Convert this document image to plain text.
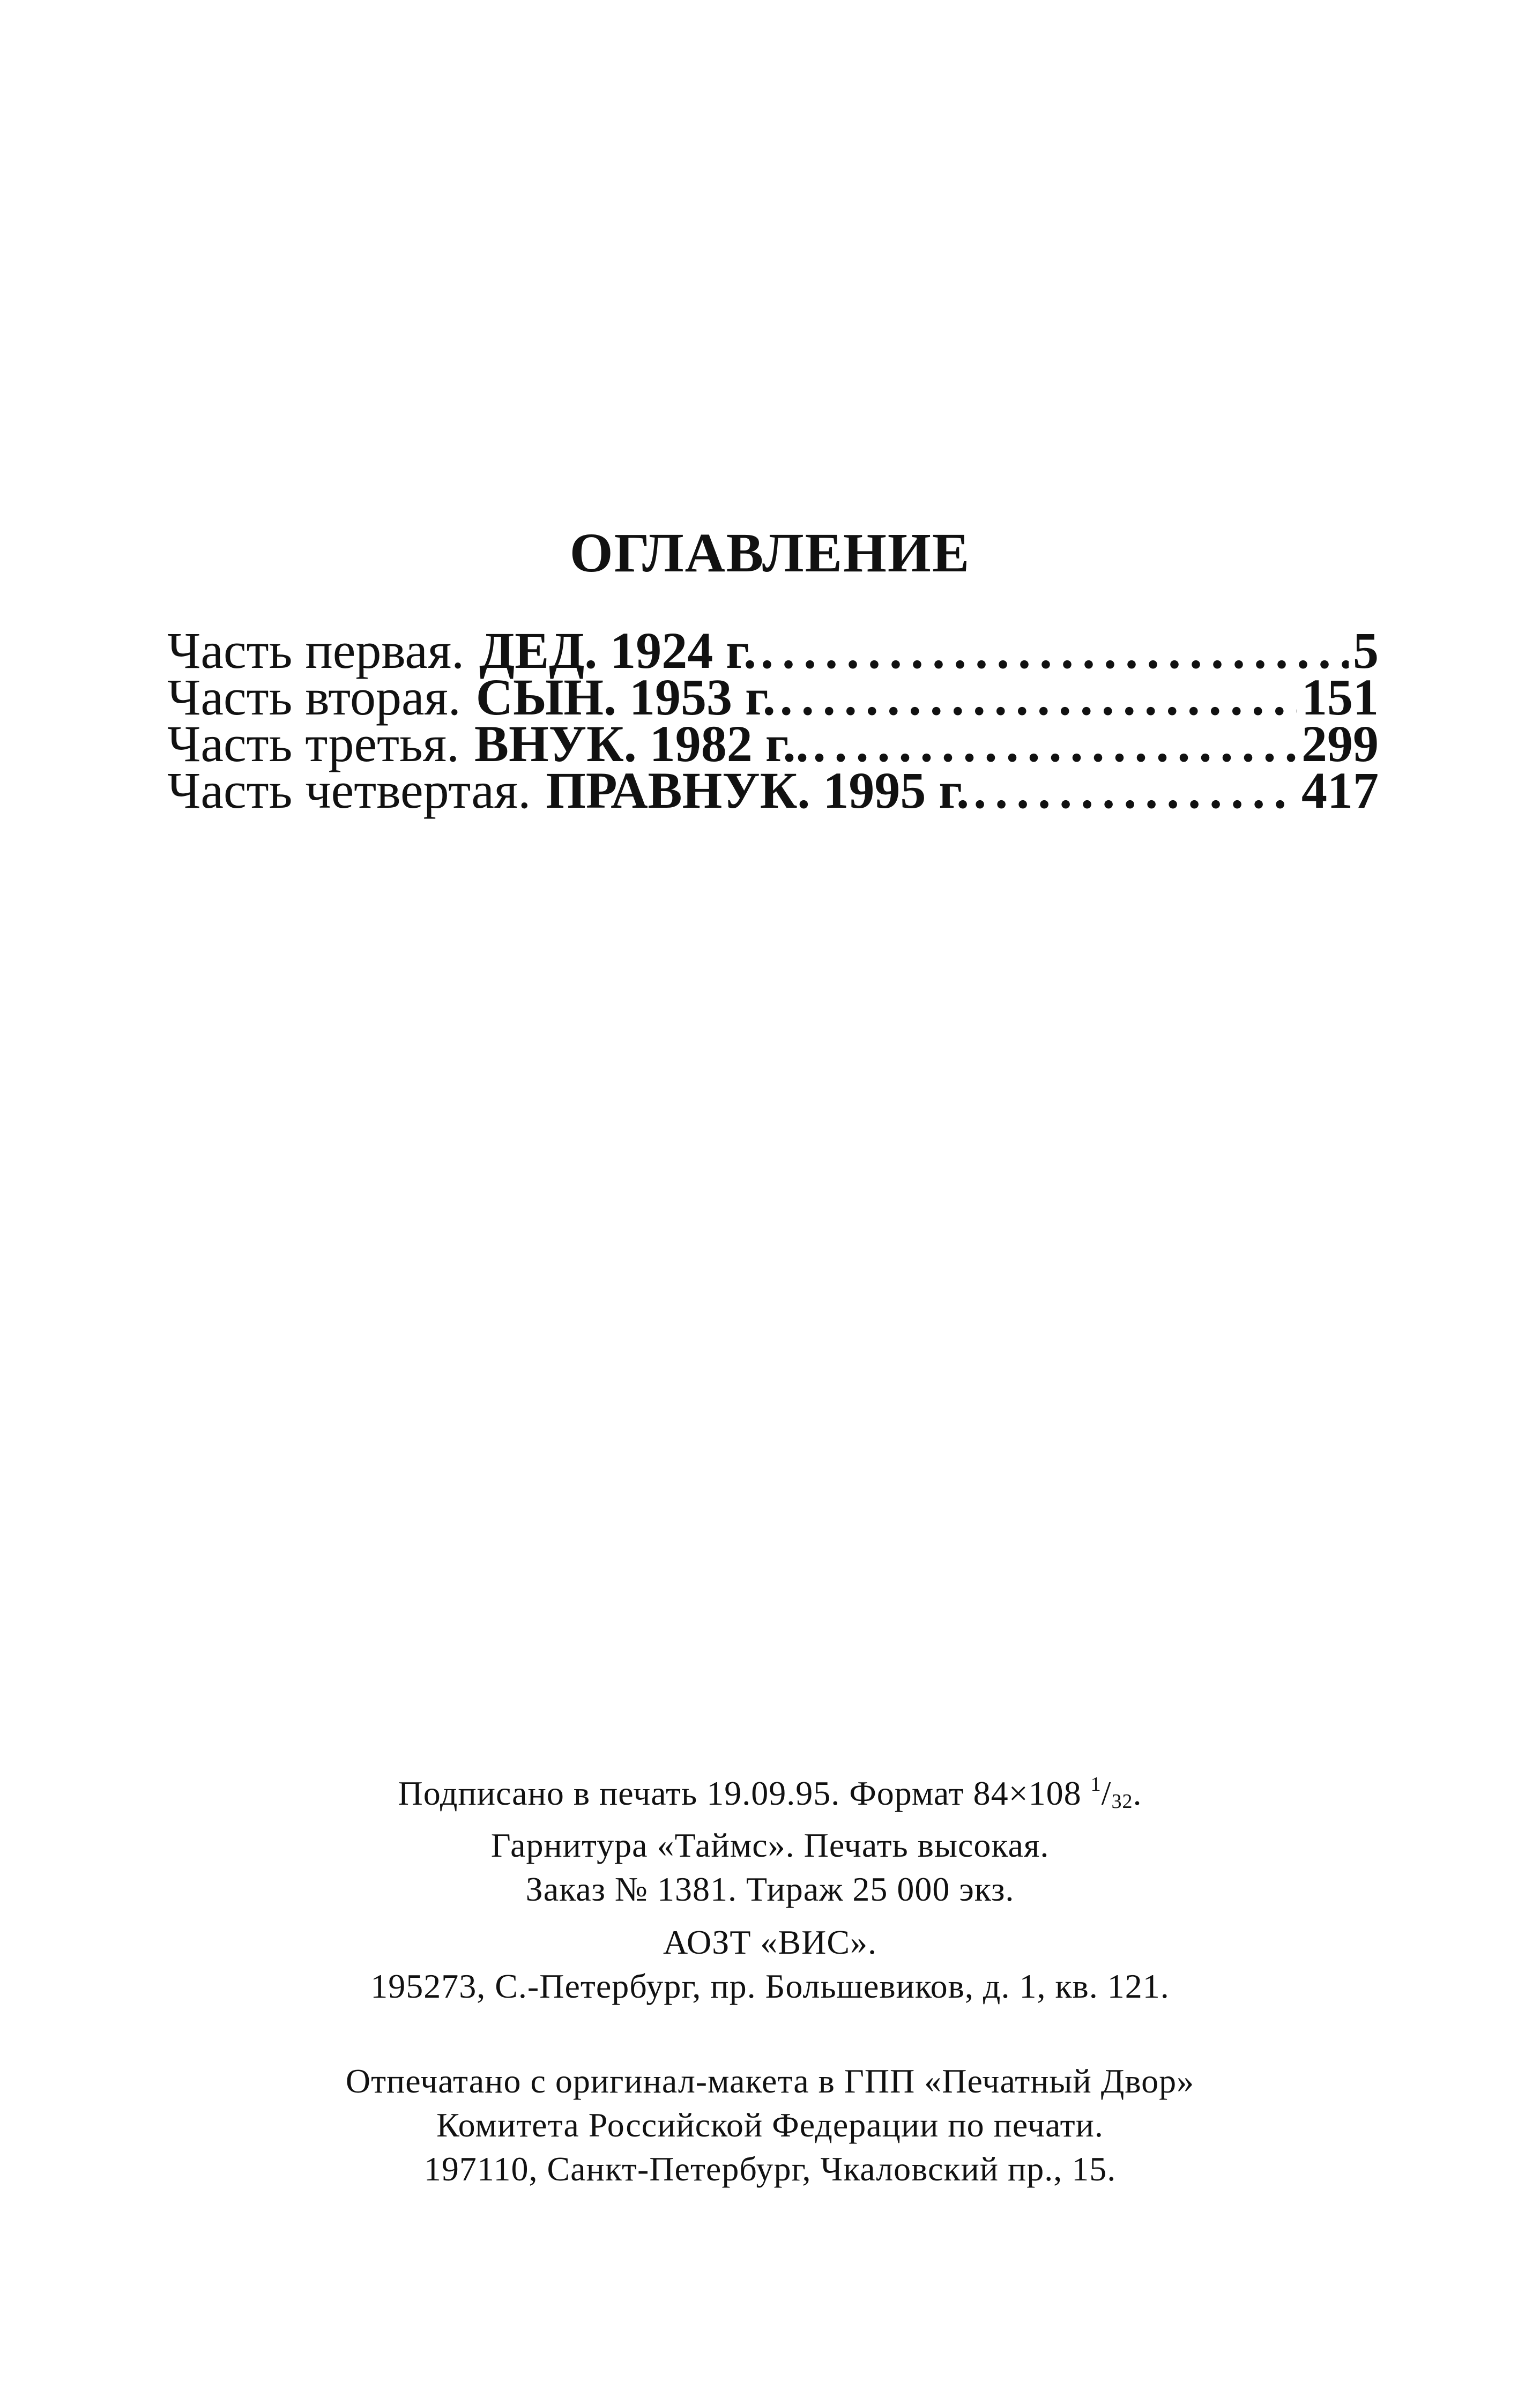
ОГЛАВЛЕНИЕ
Часть первая. ДЕД. 1924 г. .....	5
Часть вторая. СЫН. 1953 г. .....	151
Часть третья. ВНУК. 1982 г.. .....	299
Часть четвертая. ПРАВНУК. 1995 г. .....	417

Подписано в печать 19.09.95. Формат 84×108 $^1/_{32}$.

Гарнитура «Таймс». Печать высокая.

Заказ № 1381. Тираж 25 000 экз.

АОЗТ «ВИС».

195273, С.-Петербург, пр. Большевиков, д. 1, кв. 121.

Отпечатано с оригинал-макета в ГПП «Печатный Двор»

Комитета Российской Федерации по печати.

197110, Санкт-Петербург, Чкаловский пр., 15.
